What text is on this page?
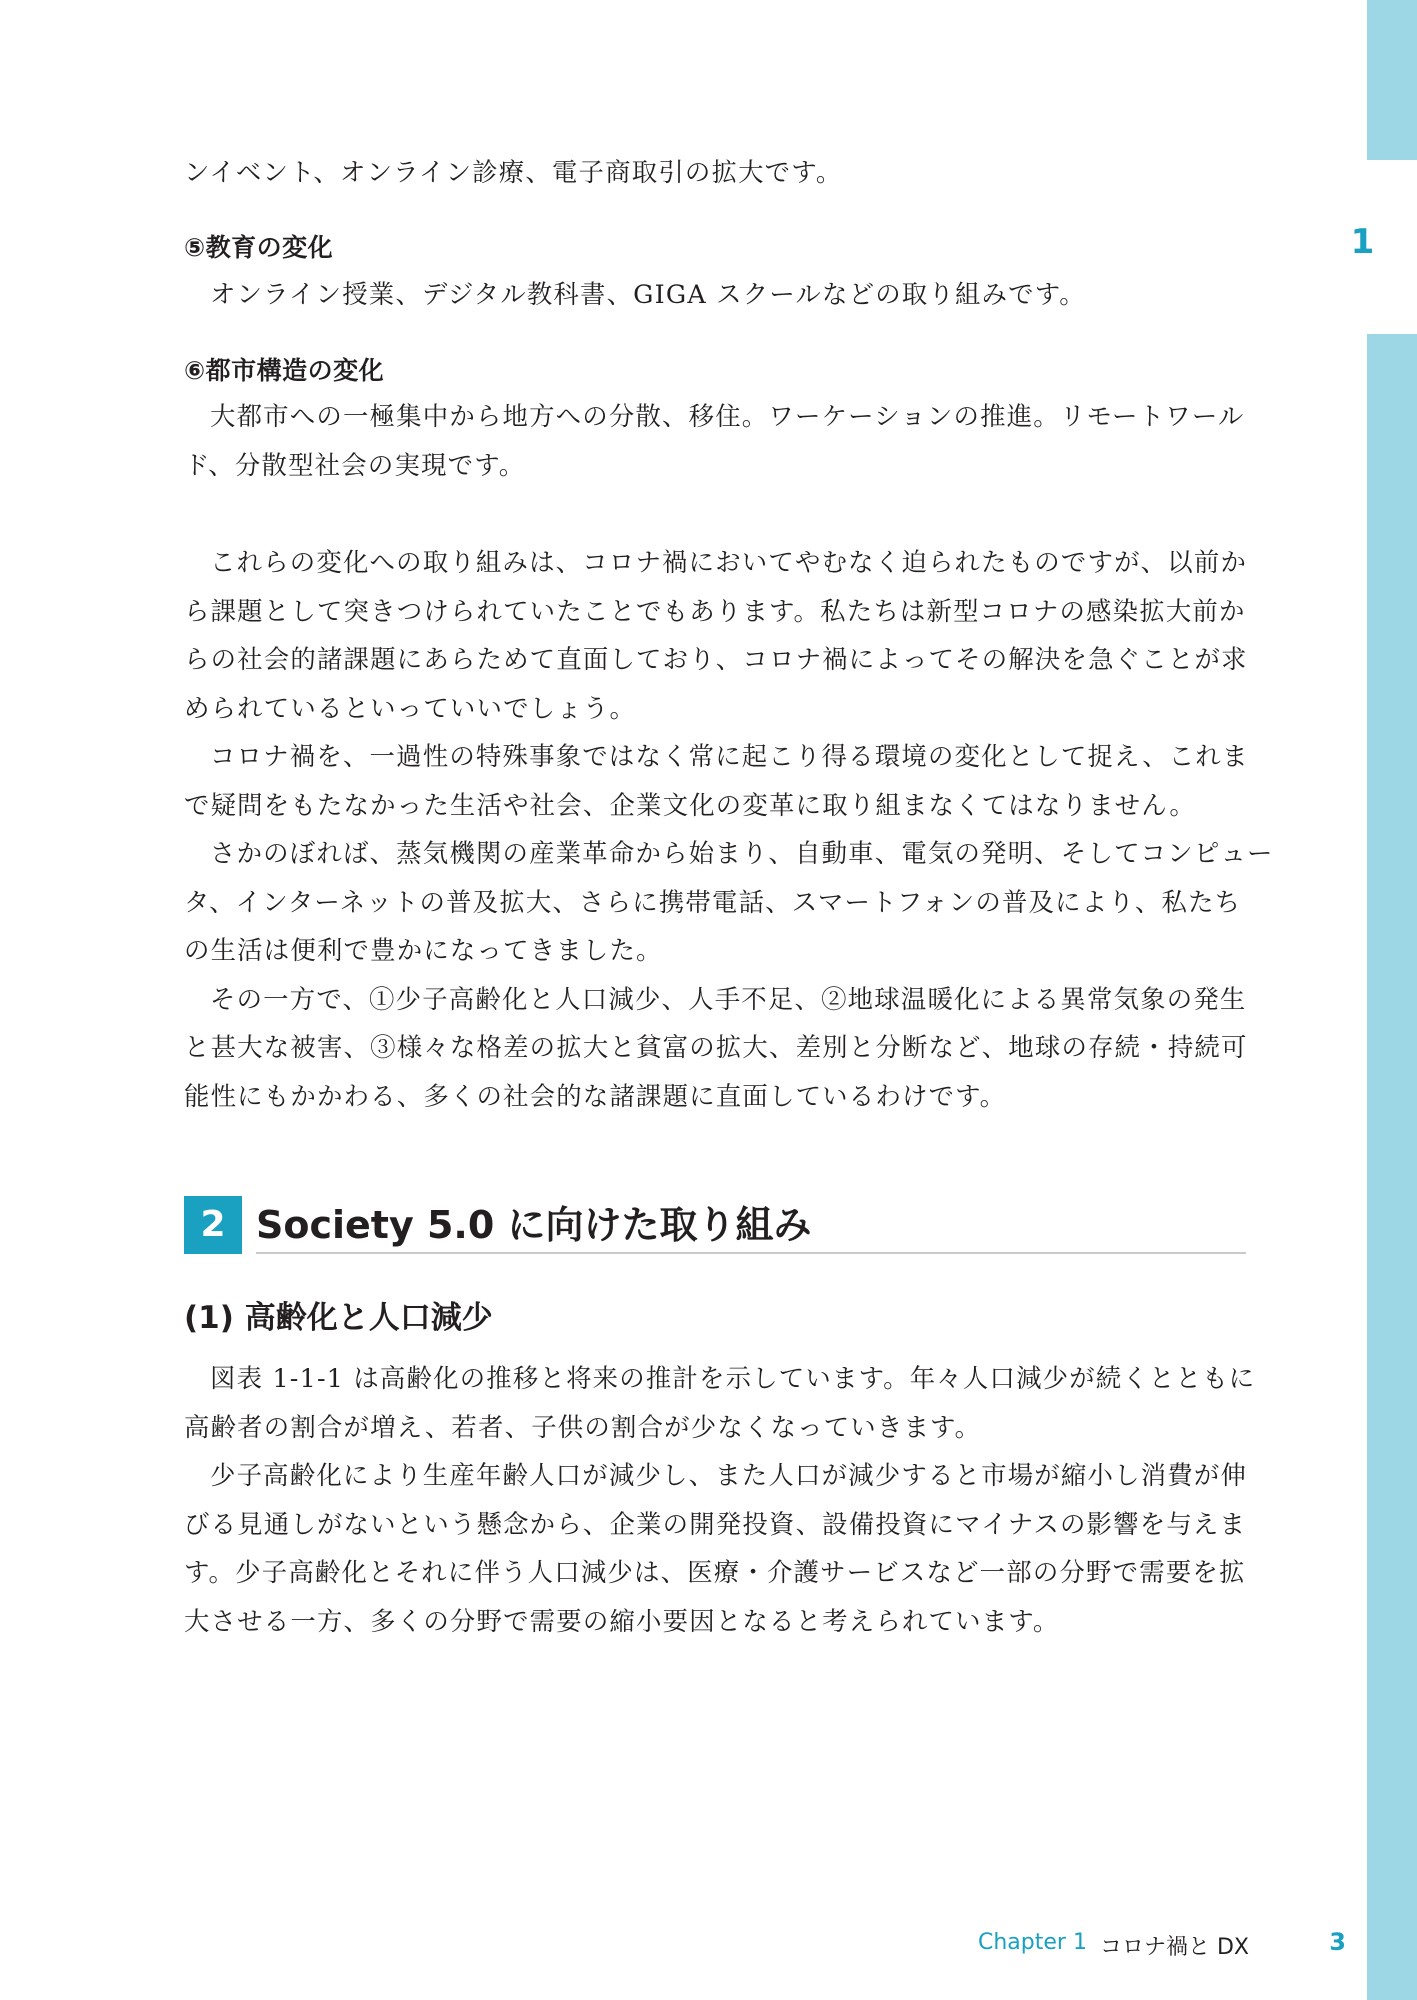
1

ンイベント、オンライン診療、電子商取引の拡大です。

⑤教育の変化

オンライン授業、デジタル教科書、GIGA スクールなどの取り組みです。

⑥都市構造の変化

大都市への一極集中から地方への分散、移住。ワーケーションの推進。リモートワール

ド、分散型社会の実現です。

これらの変化への取り組みは、コロナ禍においてやむなく迫られたものですが、以前か

ら課題として突きつけられていたことでもあります。私たちは新型コロナの感染拡大前か

らの社会的諸課題にあらためて直面しており、コロナ禍によってその解決を急ぐことが求

められているといっていいでしょう。

コロナ禍を、一過性の特殊事象ではなく常に起こり得る環境の変化として捉え、これま

で疑問をもたなかった生活や社会、企業文化の変革に取り組まなくてはなりません。

さかのぼれば、蒸気機関の産業革命から始まり、自動車、電気の発明、そしてコンピュー

タ、インターネットの普及拡大、さらに携帯電話、スマートフォンの普及により、私たち

の生活は便利で豊かになってきました。

その一方で、①少子高齢化と人口減少、人手不足、②地球温暖化による異常気象の発生

と甚大な被害、③様々な格差の拡大と貧富の拡大、差別と分断など、地球の存続・持続可

能性にもかかわる、多くの社会的な諸課題に直面しているわけです。

2 Society 5.0 に向けた取り組み
(1) 高齢化と人口減少

図表 1-1-1 は高齢化の推移と将来の推計を示しています。年々人口減少が続くとともに

高齢者の割合が増え、若者、子供の割合が少なくなっていきます。

少子高齢化により生産年齢人口が減少し、また人口が減少すると市場が縮小し消費が伸

びる見通しがないという懸念から、企業の開発投資、設備投資にマイナスの影響を与えま

す。少子高齢化とそれに伴う人口減少は、医療・介護サービスなど一部の分野で需要を拡

大させる一方、多くの分野で需要の縮小要因となると考えられています。

Chapter 1 コロナ禍と DX	3
